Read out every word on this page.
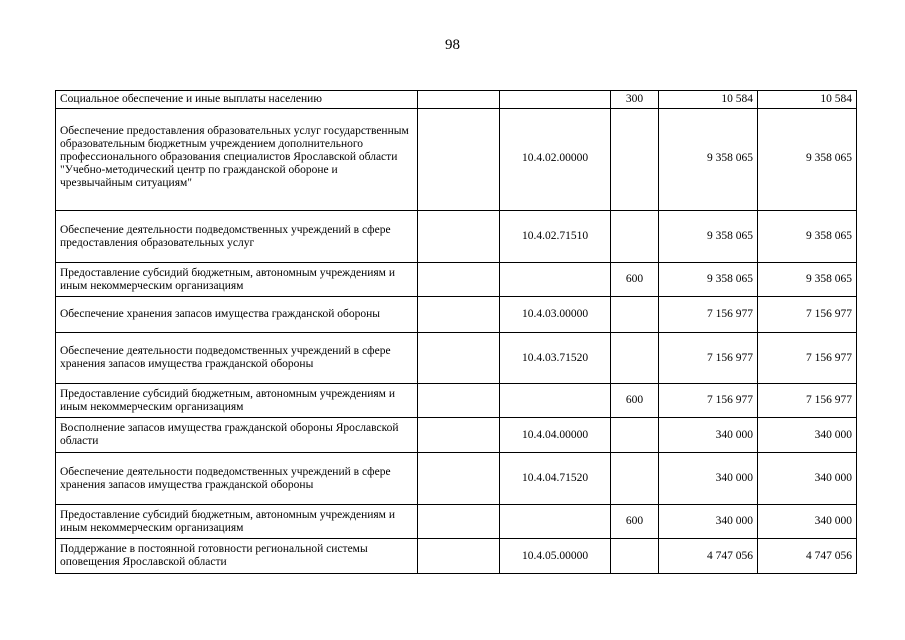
98
Социальное обеспечение и иные выплаты населению			300	10 584	10 584
Обеспечение предоставления образовательных услуг государственным образовательным бюджетным учреждением дополнительного профессионального образования специалистов Ярославской области "Учебно-методический центр по гражданской обороне и чрезвычайным ситуациям"		10.4.02.00000		9 358 065	9 358 065
Обеспечение деятельности подведомственных учреждений в сфере предоставления образовательных услуг		10.4.02.71510		9 358 065	9 358 065
Предоставление субсидий бюджетным, автономным учреждениям и иным некоммерческим организациям			600	9 358 065	9 358 065
Обеспечение хранения запасов имущества гражданской обороны		10.4.03.00000		7 156 977	7 156 977
Обеспечение деятельности подведомственных учреждений в сфере хранения запасов имущества гражданской обороны		10.4.03.71520		7 156 977	7 156 977
Предоставление субсидий бюджетным, автономным учреждениям и иным некоммерческим организациям			600	7 156 977	7 156 977
Восполнение запасов имущества гражданской обороны Ярославской области		10.4.04.00000		340 000	340 000
Обеспечение деятельности подведомственных учреждений в сфере хранения запасов имущества гражданской обороны		10.4.04.71520		340 000	340 000
Предоставление субсидий бюджетным, автономным учреждениям и иным некоммерческим организациям			600	340 000	340 000
Поддержание в постоянной готовности региональной системы оповещения Ярославской области		10.4.05.00000		4 747 056	4 747 056
